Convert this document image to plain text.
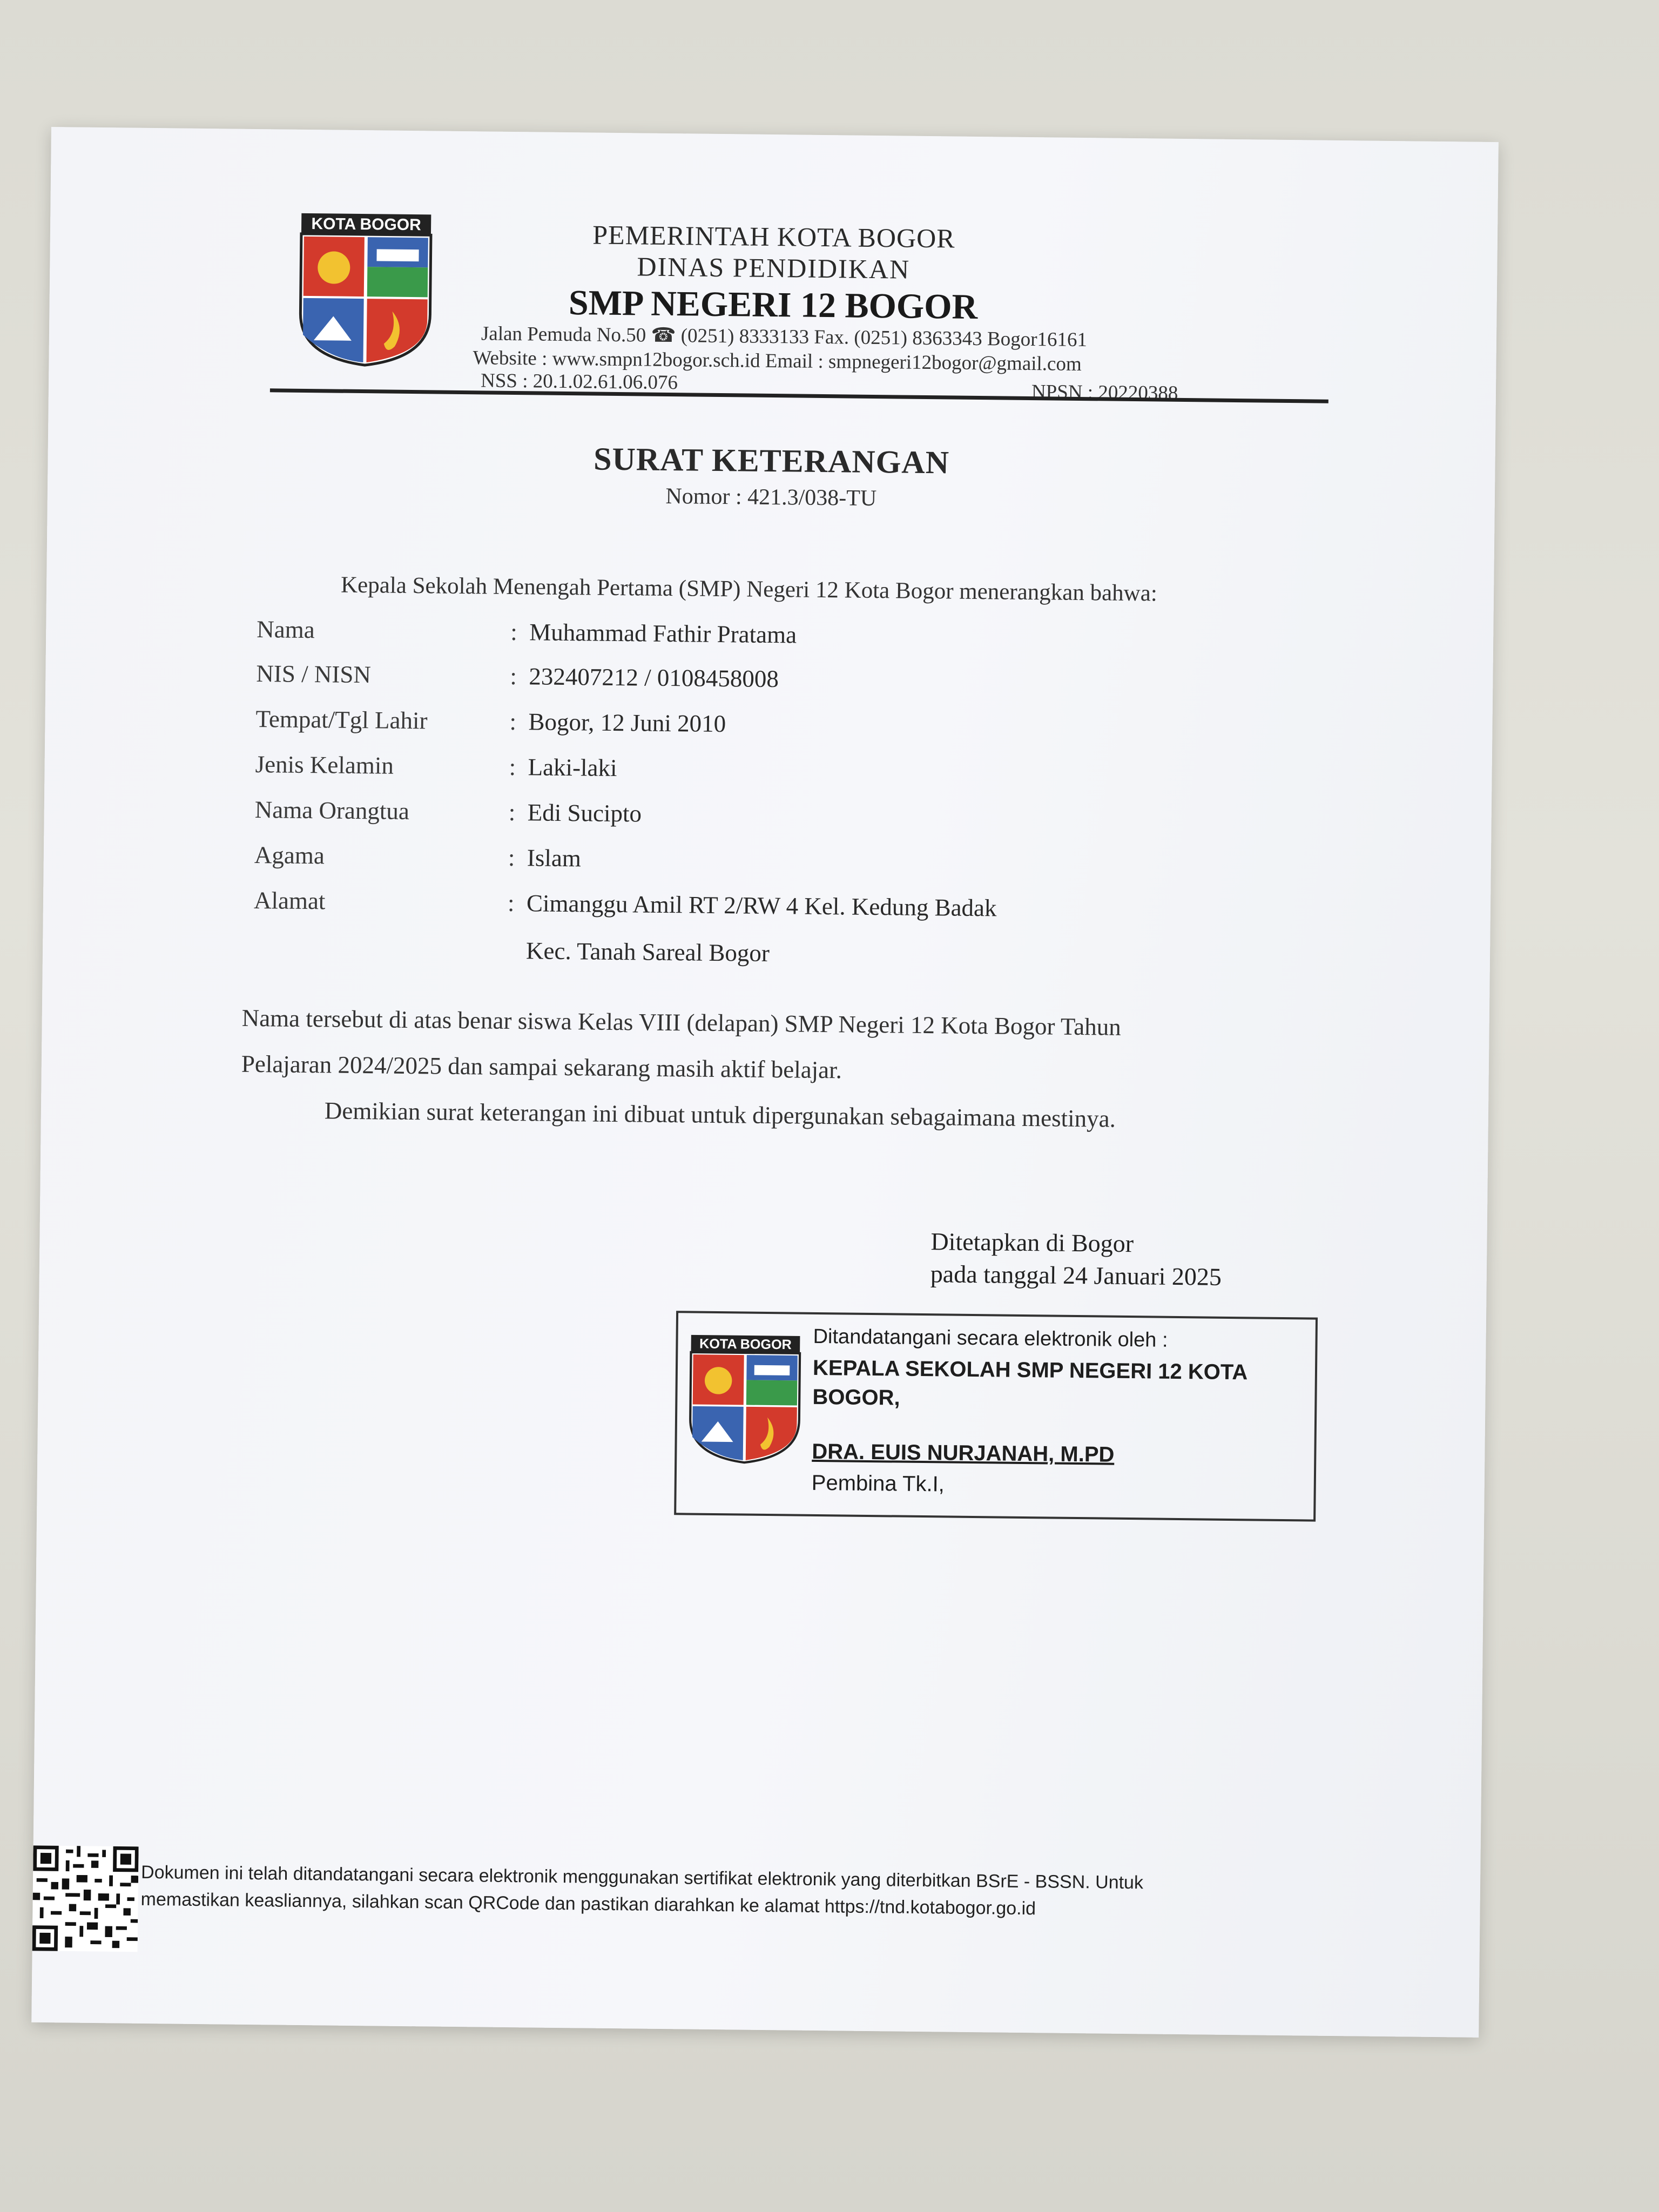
KOTA BOGOR	PEMERINTAH KOTA BOGOR
DINAS PENDIDIKAN
SMP NEGERI 12 BOGOR
Jalan Pemuda No.50 ☎ (0251) 8333133 Fax. (0251) 8363343 Bogor16161
Website : www.smpn12bogor.sch.id Email : smpnegeri12bogor@gmail.com
NSS : 20.1.02.61.06.076	NPSN : 20220388
SURAT KETERANGAN
Nomor : 421.3/038-TU
Kepala Sekolah Menengah Pertama (SMP) Negeri 12 Kota Bogor menerangkan bahwa:
Nama	: Muhammad Fathir Pratama
NIS / NISN	: 232407212 / 0108458008
Tempat/Tgl Lahir	: Bogor, 12 Juni 2010
Jenis Kelamin	: Laki-laki
Nama Orangtua	: Edi Sucipto
Agama	: Islam
Alamat	: Cimanggu Amil RT 2/RW 4 Kel. Kedung Badak
Kec. Tanah Sareal Bogor
Nama tersebut di atas benar siswa Kelas VIII (delapan) SMP Negeri 12 Kota Bogor Tahun
Pelajaran 2024/2025 dan sampai sekarang masih aktif belajar.
Demikian surat keterangan ini dibuat untuk dipergunakan sebagaimana mestinya.
Ditetapkan di Bogor
pada tanggal 24 Januari 2025
KOTA BOGOR Ditandatangani secara elektronik oleh :
KEPALA SEKOLAH SMP NEGERI 12 KOTA BOGOR,
DRA. EUIS NURJANAH, M.PD
Pembina Tk.I,
Dokumen ini telah ditandatangani secara elektronik menggunakan sertifikat elektronik yang diterbitkan BSrE - BSSN. Untuk
memastikan keasliannya, silahkan scan QRCode dan pastikan diarahkan ke alamat https://tnd.kotabogor.go.id
